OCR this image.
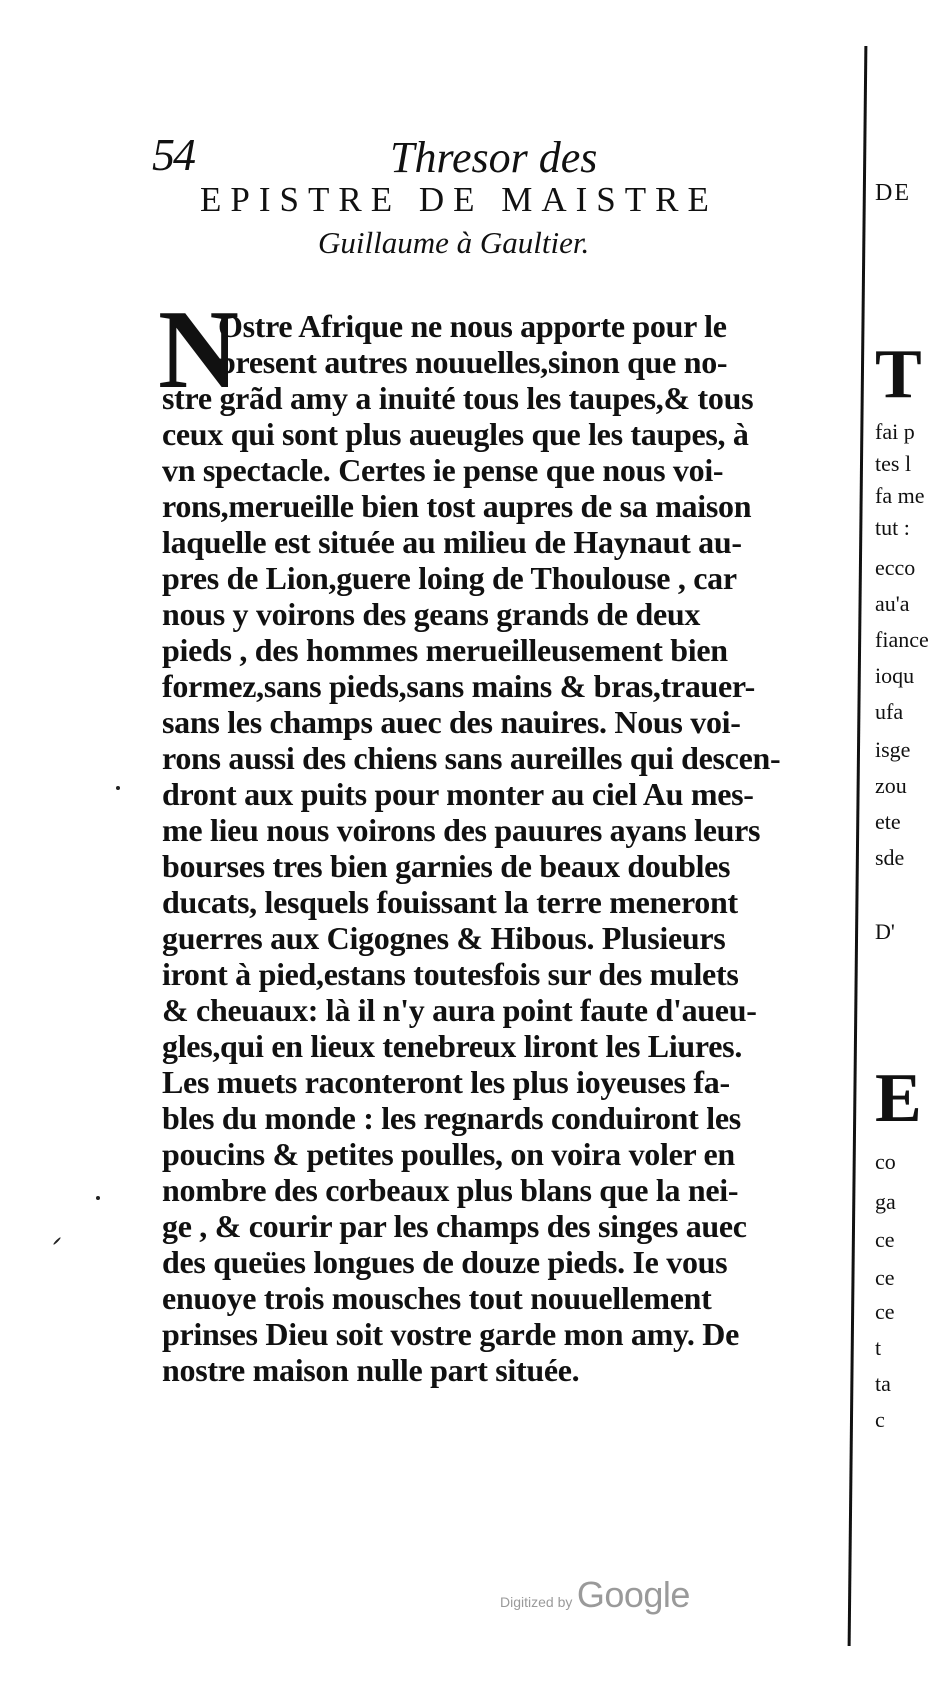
54	Thresor des
EPISTRE DE MAISTRE
Guillaume à Gaultier.
N
Ostre Afrique ne nous apporte pour le
present autres nouuelles,sinon que no-
stre grãd amy a inuité tous les taupes,& tous
ceux qui sont plus aueugles que les taupes, à
vn spectacle. Certes ie pense que nous voi-
rons,merueille bien tost aupres de sa maison
laquelle est située au milieu de Haynaut au-
pres de Lion,guere loing de Thoulouse , car
nous y voirons des geans grands de deux
pieds , des hommes merueilleusement bien
formez,sans pieds,sans mains & bras,trauer-
sans les champs auec des nauires. Nous voi-
rons aussi des chiens sans aureilles qui descen-
dront aux puits pour monter au ciel Au mes-
me lieu nous voirons des pauures ayans leurs
bourses tres bien garnies de beaux doubles
ducats, lesquels fouissant la terre meneront
guerres aux Cigognes & Hibous. Plusieurs
iront à pied,estans toutesfois sur des mulets
& cheuaux: là il n'y aura point faute d'aueu-
gles,qui en lieux tenebreux liront les Liures.
Les muets raconteront les plus ioyeuses fa-
bles du monde : les regnards conduiront les
poucins & petites poulles, on voira voler en
nombre des corbeaux plus blans que la nei-
ge , & courir par les champs des singes auec
des queües longues de douze pieds. Ie vous
enuoye trois mousches tout nouuellement
prinses Dieu soit vostre garde mon amy. De
nostre maison nulle part située.
DE
T
fai p
tes l
fa me
tut :
ecco
au'a
fiance
ioqu
ufa
isge
zou
ete
sde
D'
E
co
ga
ce
ce
ce
t
ta
c
Digitized by Google
